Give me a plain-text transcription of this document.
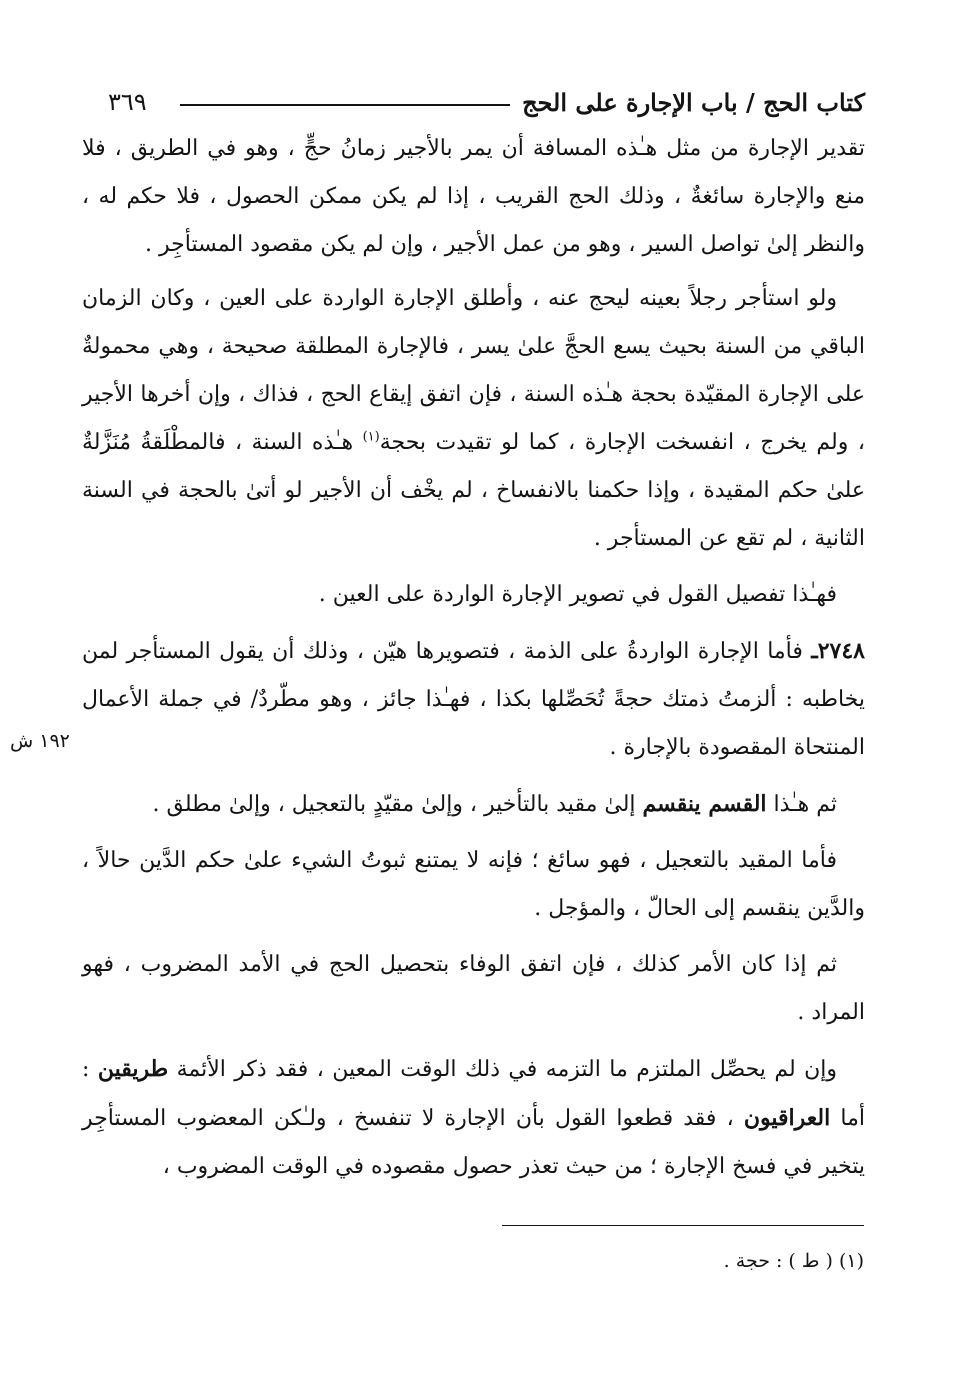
كتاب الحج / باب الإجارة على الحج
٣٦٩

تقدير الإجارة من مثل هـٰذه المسافة أن يمر بالأجير زمانُ حجٍّ ، وهو في الطريق ، فلا منع والإجارة سائغةٌ ، وذلك الحج القريب ، إذا لم يكن ممكن الحصول ، فلا حكم له ، والنظر إلىٰ تواصل السير ، وهو من عمل الأجير ، وإن لم يكن مقصود المستأجِر .

ولو استأجر رجلاً بعينه ليحج عنه ، وأطلق الإجارة الواردة على العين ، وكان الزمان الباقي من السنة بحيث يسع الحجَّ علىٰ يسر ، فالإجارة المطلقة صحيحة ، وهي محمولةٌ على الإجارة المقيّدة بحجة هـٰذه السنة ، فإن اتفق إيقاع الحج ، فذاك ، وإن أخرها الأجير ، ولم يخرج ، انفسخت الإجارة ، كما لو تقيدت بحجة$^{(١)}$ هـٰذه السنة ، فالمطْلَقةُ مُنَزَّلةٌ علىٰ حكم المقيدة ، وإذا حكمنا بالانفساخ ، لم يخْف أن الأجير لو أتىٰ بالحجة في السنة الثانية ، لم تقع عن المستأجر .

فهـٰذا تفصيل القول في تصوير الإجارة الواردة على العين .

٢٧٤٨ـ فأما الإجارة الواردةُ على الذمة ، فتصويرها هيّن ، وذلك أن يقول المستأجر لمن يخاطبه : ألزمتُ ذمتك حجةً تُحَصِّلها بكذا ، فهـٰذا جائز ، وهو مطّردٌ/ في جملة الأعمال المنتحاة المقصودة بالإجارة .

ثم هـٰذا القسم ينقسم إلىٰ مقيد بالتأخير ، وإلىٰ مقيّدٍ بالتعجيل ، وإلىٰ مطلق .

فأما المقيد بالتعجيل ، فهو سائغ ؛ فإنه لا يمتنع ثبوتُ الشيء علىٰ حكم الدَّين حالاً ، والدَّين ينقسم إلى الحالّ ، والمؤجل .

ثم إذا كان الأمر كذلك ، فإن اتفق الوفاء بتحصيل الحج في الأمد المضروب ، فهو المراد .

وإن لم يحصِّل الملتزم ما التزمه في ذلك الوقت المعين ، فقد ذكر الأئمة طريقين : أما العراقيون ، فقد قطعوا القول بأن الإجارة لا تنفسخ ، ولـٰكن المعضوب المستأجِر يتخير في فسخ الإجارة ؛ من حيث تعذر حصول مقصوده في الوقت المضروب ،

١٩٢ ش
(١) ( ط ) : حجة .
